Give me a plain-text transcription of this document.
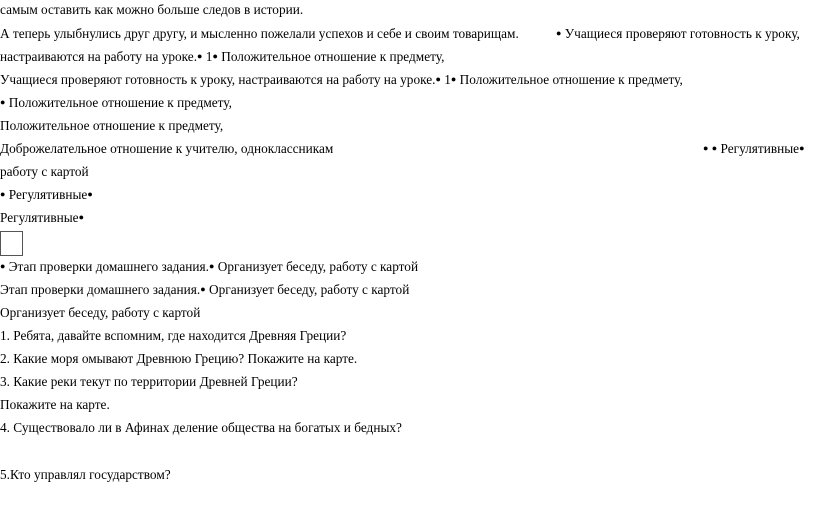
самым оставить как можно больше следов в истории.
А теперь улыбнулись друг другу, и мысленно пожелали успехов и себе и своим товарищам.	● Учащиеся проверяют готовность к уроку,
настраиваются на работу на уроке.● 1● Положительное отношение к предмету,
Учащиеся проверяют готовность к уроку, настраиваются на работу на уроке.● 1● Положительное отношение к предмету,
● Положительное отношение к предмету,
Положительное отношение к предмету,
Доброжелательное отношение к учителю, одноклассникам	● ● Регулятивные●
работу с картой
● Регулятивные●
Регулятивные●
● Этап проверки домашнего задания.● Организует беседу, работу с картой
Этап проверки домашнего задания.● Организует беседу, работу с картой
Организует беседу, работу с картой
1. Ребята, давайте вспомним, где находится Древняя Греции?
2. Какие моря омывают Древнюю Грецию? Покажите на карте.
3. Какие реки текут по территории Древней Греции?
Покажите на карте.
4. Существовало ли в Афинах деление общества на богатых и бедных?
5.Кто управлял государством?
